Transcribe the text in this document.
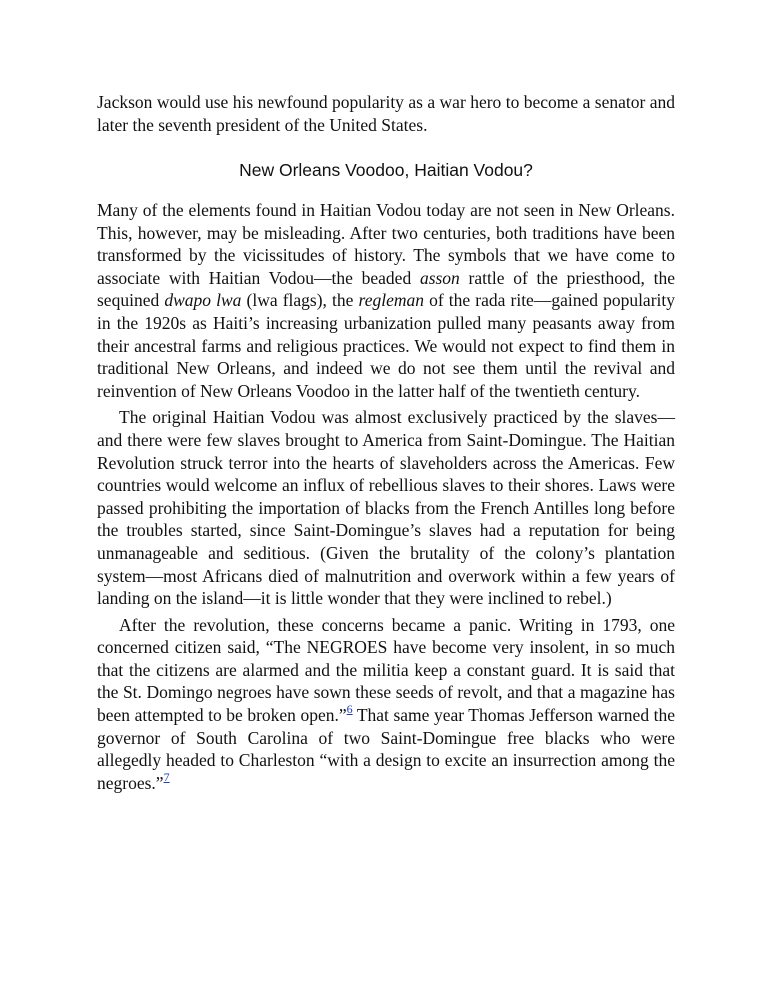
Jackson would use his newfound popularity as a war hero to become a senator and later the seventh president of the United States.

New Orleans Voodoo, Haitian Vodou?

Many of the elements found in Haitian Vodou today are not seen in New Orleans. This, however, may be misleading. After two centuries, both traditions have been transformed by the vicissitudes of history. The symbols that we have come to associate with Haitian Vodou—the beaded asson rattle of the priesthood, the sequined dwapo lwa (lwa flags), the regleman of the rada rite—gained popularity in the 1920s as Haiti’s increasing urbanization pulled many peasants away from their ancestral farms and religious practices. We would not expect to find them in traditional New Orleans, and indeed we do not see them until the revival and reinvention of New Orleans Voodoo in the latter half of the twentieth century.

The original Haitian Vodou was almost exclusively practiced by the slaves—and there were few slaves brought to America from Saint-Domingue. The Haitian Revolution struck terror into the hearts of slaveholders across the Americas. Few countries would welcome an influx of rebellious slaves to their shores. Laws were passed prohibiting the importation of blacks from the French Antilles long before the troubles started, since Saint-Domingue’s slaves had a reputation for being unmanageable and seditious. (Given the brutality of the colony’s plantation system—most Africans died of malnutrition and overwork within a few years of landing on the island—it is little wonder that they were inclined to rebel.)

After the revolution, these concerns became a panic. Writing in 1793, one concerned citizen said, “The NEGROES have become very insolent, in so much that the citizens are alarmed and the militia keep a constant guard. It is said that the St. Domingo negroes have sown these seeds of revolt, and that a magazine has been attempted to be broken open.”$^6$ That same year Thomas Jefferson warned the governor of South Carolina of two Saint-Domingue free blacks who were allegedly headed to Charleston “with a design to excite an insurrection among the negroes.”$^7$
